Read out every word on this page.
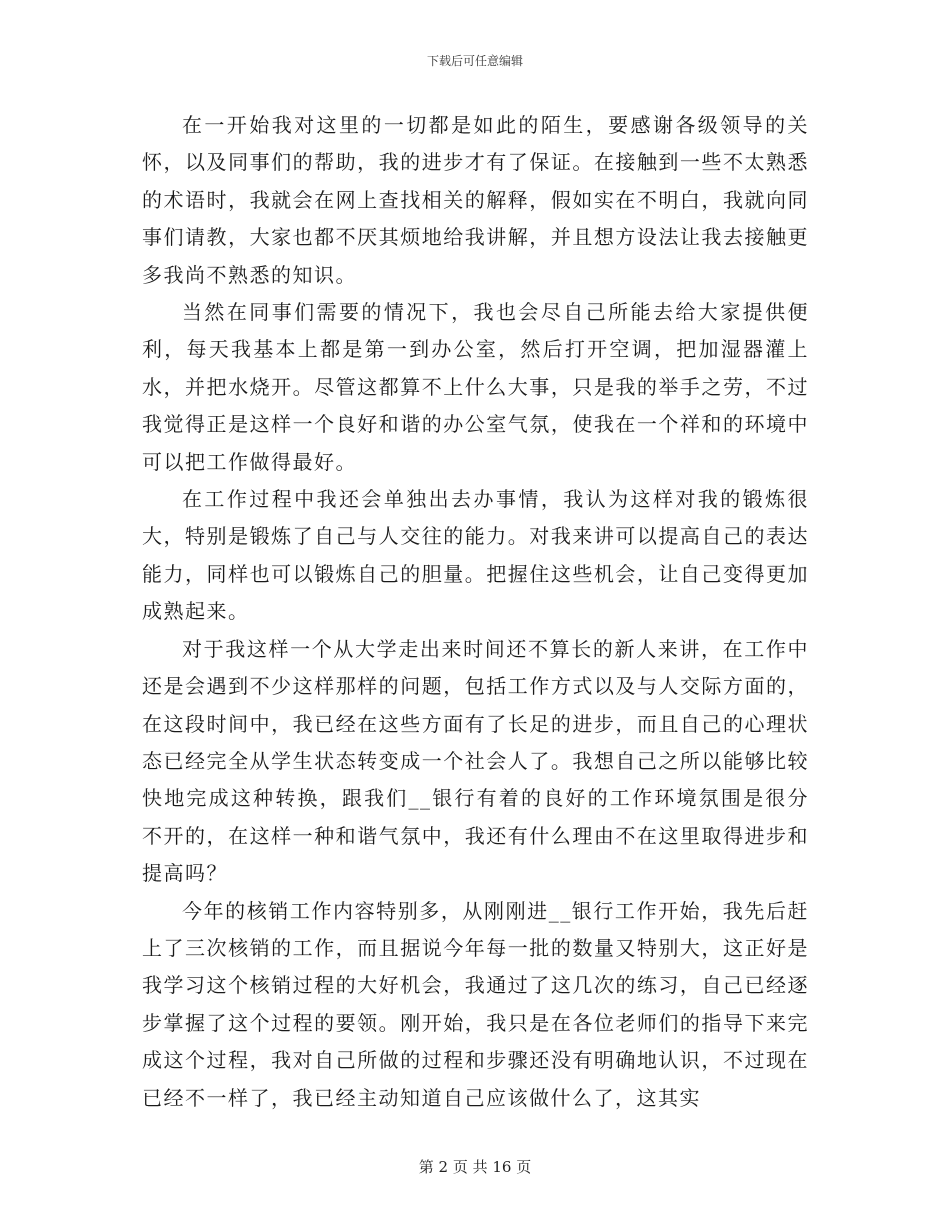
下载后可任意编辑

在一开始我对这里的一切都是如此的陌生，要感谢各级领导的关怀，以及同事们的帮助，我的进步才有了保证。在接触到一些不太熟悉的术语时，我就会在网上查找相关的解释，假如实在不明白，我就向同事们请教，大家也都不厌其烦地给我讲解，并且想方设法让我去接触更多我尚不熟悉的知识。

当然在同事们需要的情况下，我也会尽自己所能去给大家提供便利，每天我基本上都是第一到办公室，然后打开空调，把加湿器灌上水，并把水烧开。尽管这都算不上什么大事，只是我的举手之劳，不过我觉得正是这样一个良好和谐的办公室气氛，使我在一个祥和的环境中可以把工作做得最好。

在工作过程中我还会单独出去办事情，我认为这样对我的锻炼很大，特别是锻炼了自己与人交往的能力。对我来讲可以提高自己的表达能力，同样也可以锻炼自己的胆量。把握住这些机会，让自己变得更加成熟起来。

对于我这样一个从大学走出来时间还不算长的新人来讲，在工作中还是会遇到不少这样那样的问题，包括工作方式以及与人交际方面的，在这段时间中，我已经在这些方面有了长足的进步，而且自己的心理状态已经完全从学生状态转变成一个社会人了。我想自己之所以能够比较快地完成这种转换，跟我们__银行有着的良好的工作环境氛围是很分不开的，在这样一种和谐气氛中，我还有什么理由不在这里取得进步和提高吗？

今年的核销工作内容特别多，从刚刚进__银行工作开始，我先后赶上了三次核销的工作，而且据说今年每一批的数量又特别大，这正好是我学习这个核销过程的大好机会，我通过了这几次的练习，自己已经逐步掌握了这个过程的要领。刚开始，我只是在各位老师们的指导下来完成这个过程，我对自己所做的过程和步骤还没有明确地认识，不过现在已经不一样了，我已经主动知道自己应该做什么了，这其实

第 2 页 共 16 页
